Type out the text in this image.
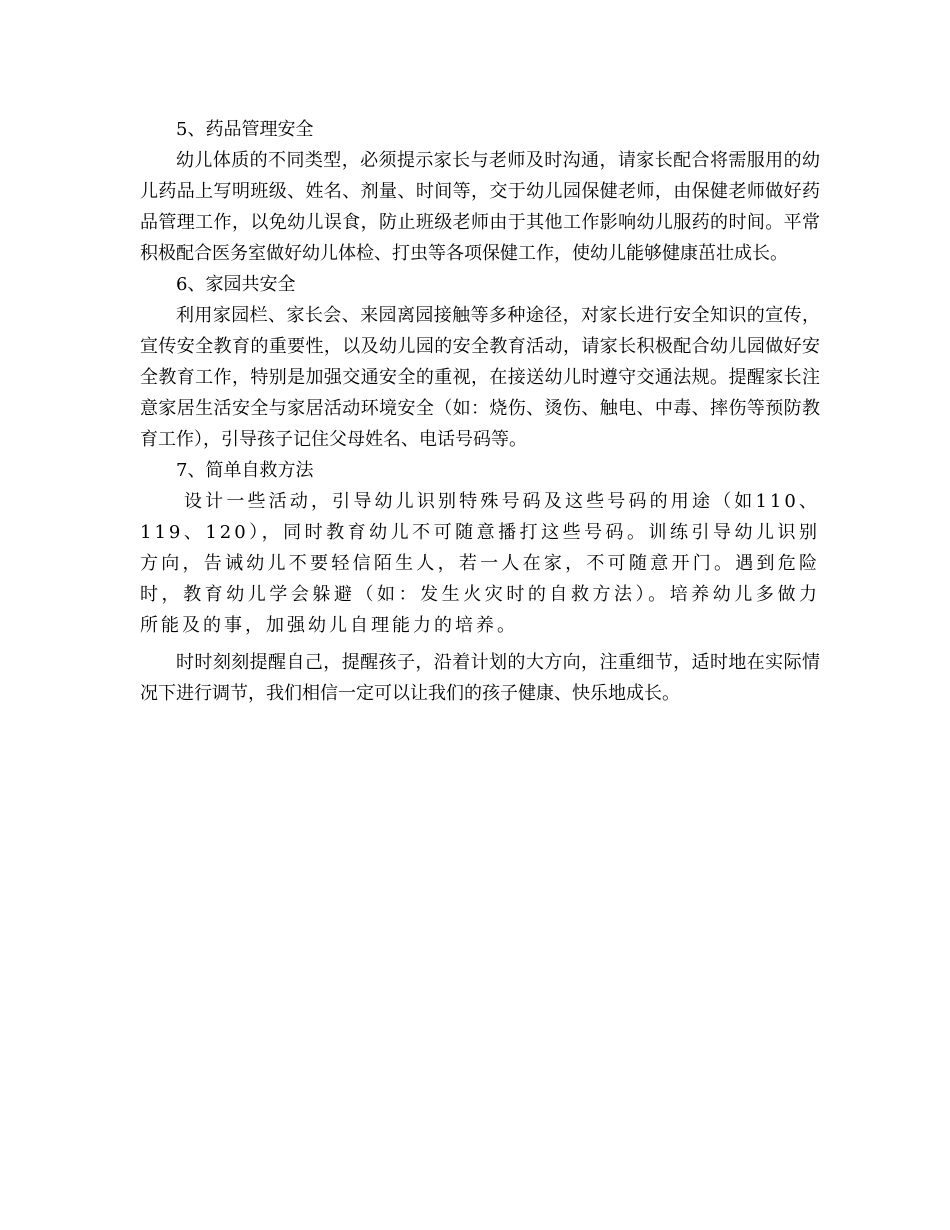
5、药品管理安全

幼儿体质的不同类型，必须提示家长与老师及时沟通，请家长配合将需服用的幼儿药品上写明班级、姓名、剂量、时间等，交于幼儿园保健老师，由保健老师做好药品管理工作，以免幼儿误食，防止班级老师由于其他工作影响幼儿服药的时间。平常积极配合医务室做好幼儿体检、打虫等各项保健工作，使幼儿能够健康茁壮成长。

6、家园共安全

利用家园栏、家长会、来园离园接触等多种途径，对家长进行安全知识的宣传，宣传安全教育的重要性，以及幼儿园的安全教育活动，请家长积极配合幼儿园做好安全教育工作，特别是加强交通安全的重视，在接送幼儿时遵守交通法规。提醒家长注意家居生活安全与家居活动环境安全（如：烧伤、烫伤、触电、中毒、摔伤等预防教育工作），引导孩子记住父母姓名、电话号码等。

7、简单自救方法

设计一些活动，引导幼儿识别特殊号码及这些号码的用途（如110、119、120），同时教育幼儿不可随意播打这些号码。训练引导幼儿识别方向，告诫幼儿不要轻信陌生人，若一人在家，不可随意开门。遇到危险时，教育幼儿学会躲避（如：发生火灾时的自救方法）。培养幼儿多做力所能及的事，加强幼儿自理能力的培养。

时时刻刻提醒自己，提醒孩子，沿着计划的大方向，注重细节，适时地在实际情况下进行调节，我们相信一定可以让我们的孩子健康、快乐地成长。
